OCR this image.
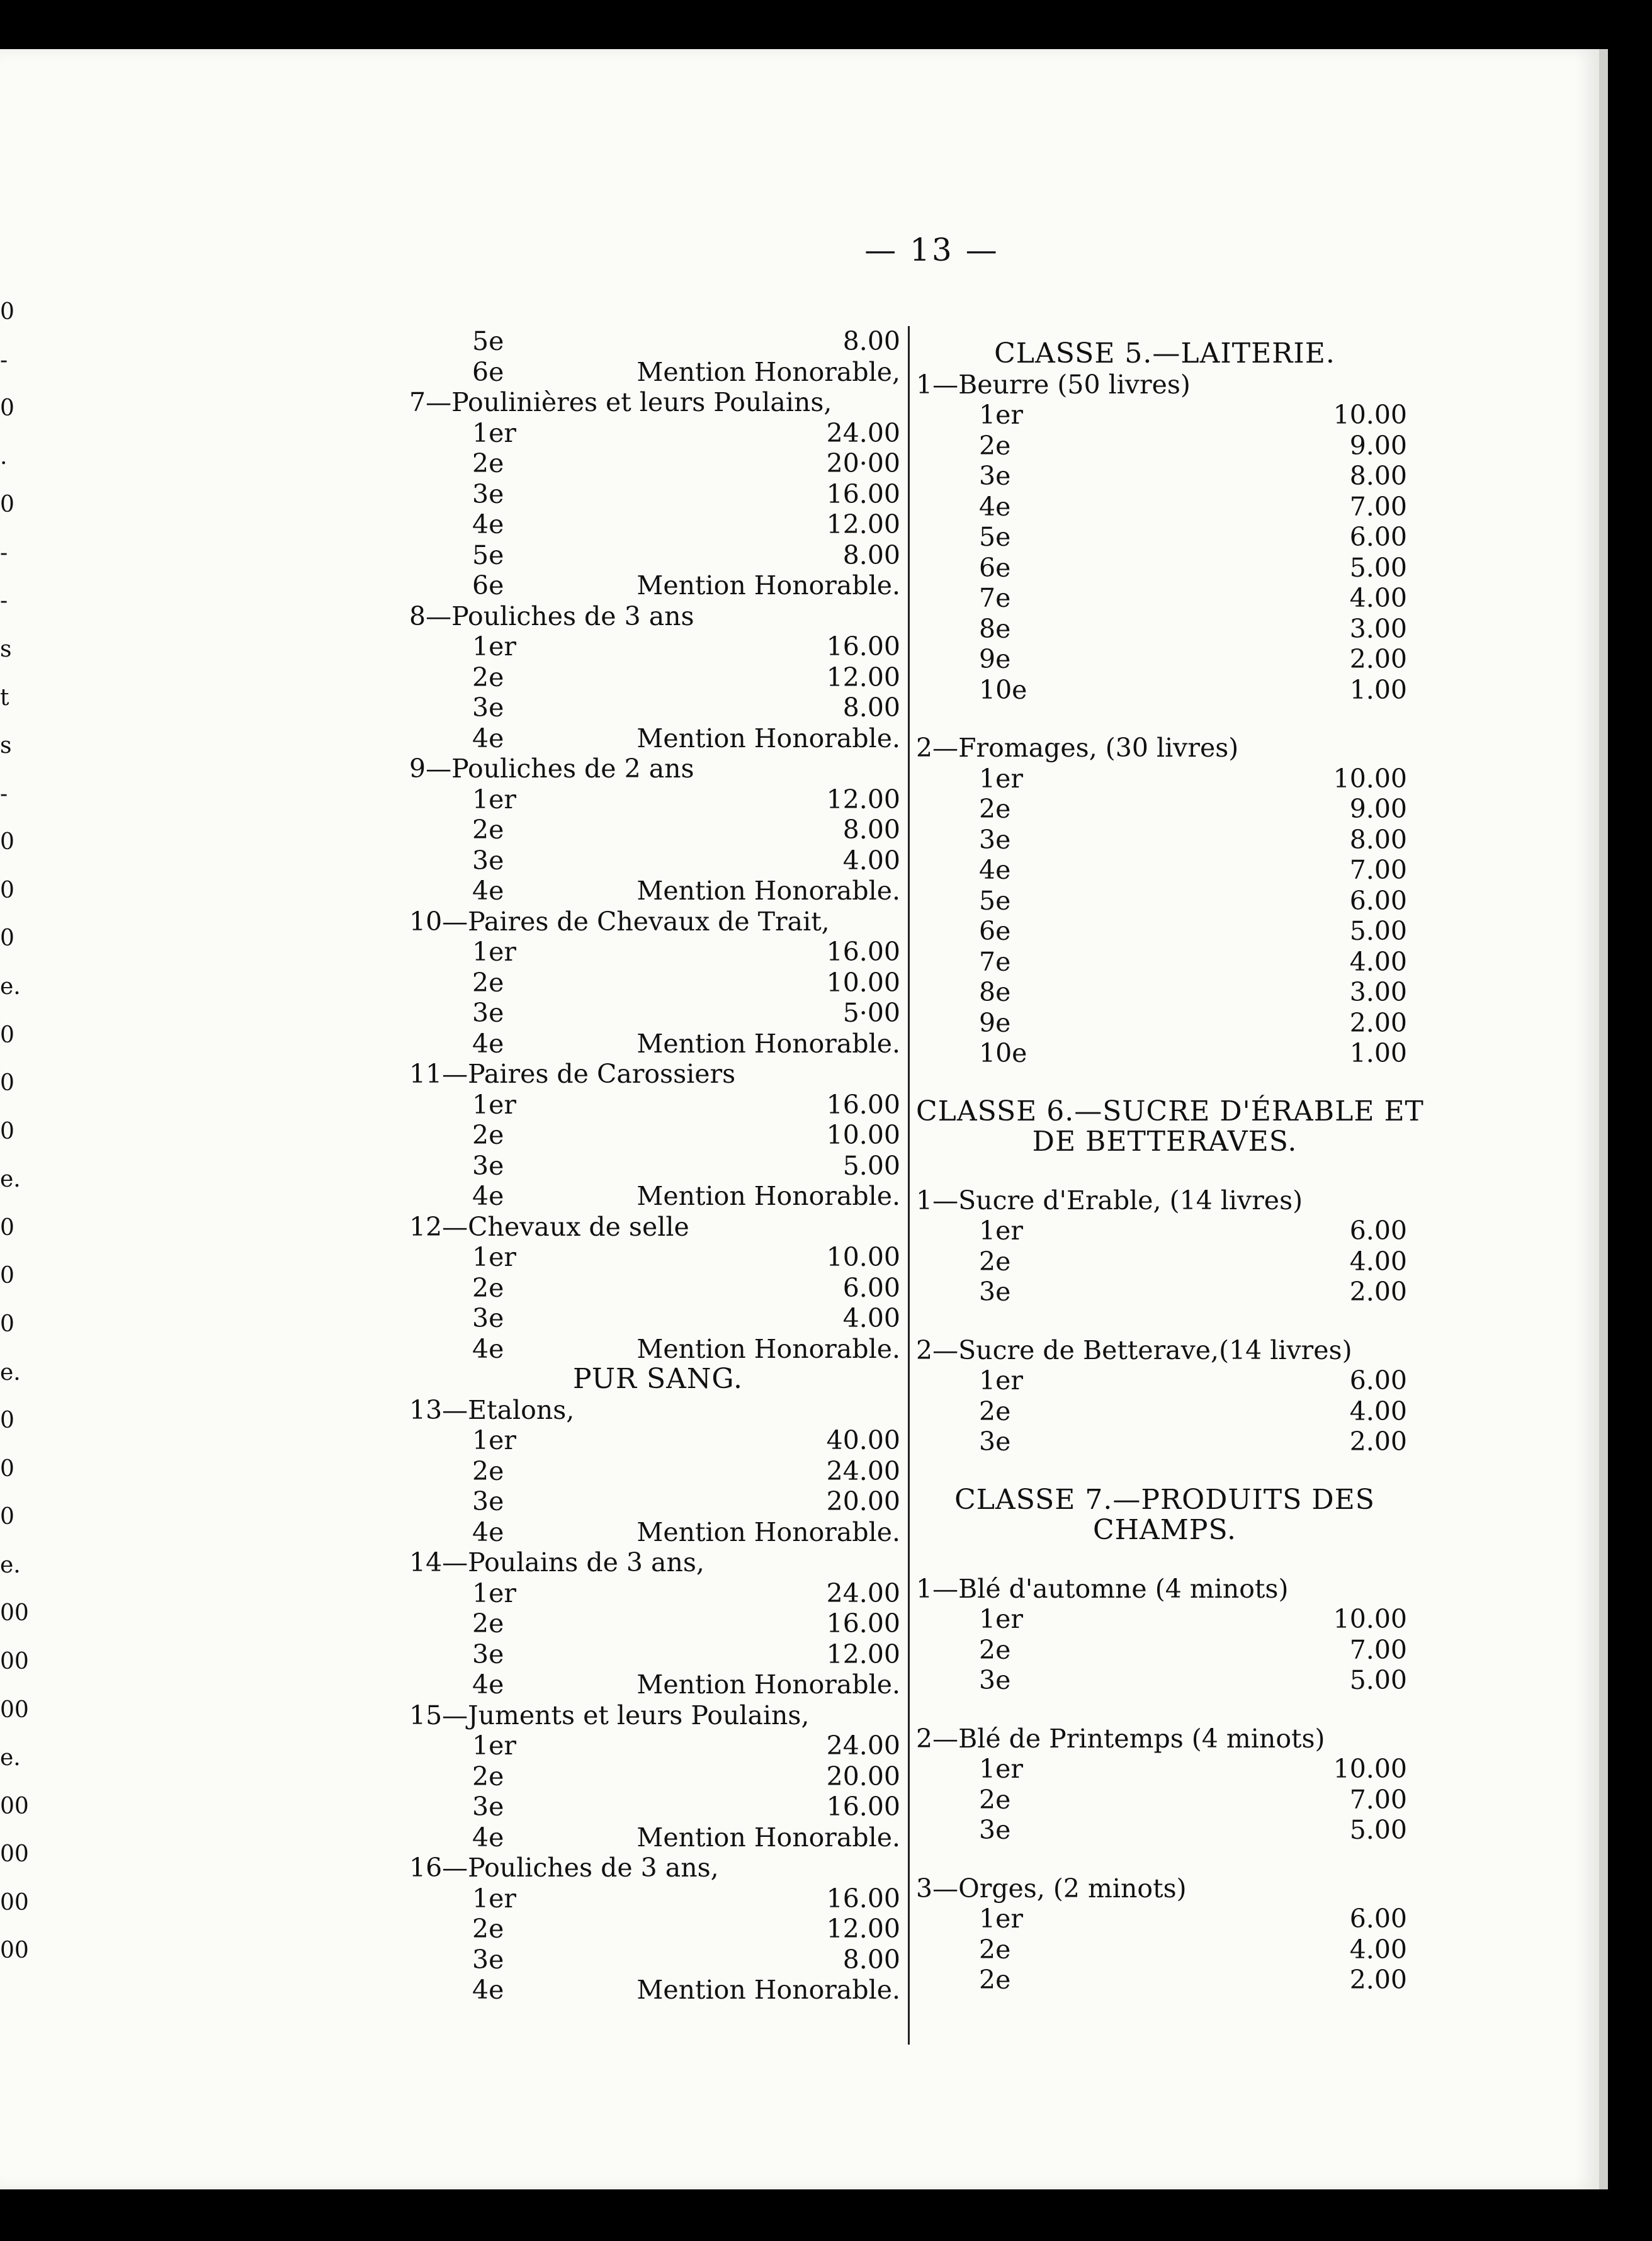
0
-
0
.
0
-
-
s
t
s
-
0
0
0
e.
0
0
0
e.
0
0
0
e.
0
0
0
e.
00
00
00
e.
00
00
00
00
— 13 —
5e	8.00
6e	Mention Honorable,
7—Poulinières et leurs Poulains,
1er	24.00
2e	20·00
3e	16.00
4e	12.00
5e	8.00
6e	Mention Honorable.
8—Pouliches de 3 ans
1er	16.00
2e	12.00
3e	8.00
4e	Mention Honorable.
9—Pouliches de 2 ans
1er	12.00
2e	8.00
3e	4.00
4e	Mention Honorable.
10—Paires de Chevaux de Trait,
1er	16.00
2e	10.00
3e	5·00
4e	Mention Honorable.
11—Paires de Carossiers
1er	16.00
2e	10.00
3e	5.00
4e	Mention Honorable.
12—Chevaux de selle
1er	10.00
2e	6.00
3e	4.00
4e	Mention Honorable.
PUR SANG.
13—Etalons,
1er	40.00
2e	24.00
3e	20.00
4e	Mention Honorable.
14—Poulains de 3 ans,
1er	24.00
2e	16.00
3e	12.00
4e	Mention Honorable.
15—Juments et leurs Poulains,
1er	24.00
2e	20.00
3e	16.00
4e	Mention Honorable.
16—Pouliches de 3 ans,
1er	16.00
2e	12.00
3e	8.00
4e	Mention Honorable.
CLASSE 5.—LAITERIE.
1—Beurre (50 livres)
1er	10.00
2e	9.00
3e	8.00
4e	7.00
5e	6.00
6e	5.00
7e	4.00
8e	3.00
9e	2.00
10e	1.00
2—Fromages, (30 livres)
1er	10.00
2e	9.00
3e	8.00
4e	7.00
5e	6.00
6e	5.00
7e	4.00
8e	3.00
9e	2.00
10e	1.00
CLASSE 6.—SUCRE D'ÉRABLE ET
DE BETTERAVES.
1—Sucre d'Erable, (14 livres)
1er	6.00
2e	4.00
3e	2.00
2—Sucre de Betterave,(14 livres)
1er	6.00
2e	4.00
3e	2.00
CLASSE 7.—PRODUITS DES
CHAMPS.
1—Blé d'automne (4 minots)
1er	10.00
2e	7.00
3e	5.00
2—Blé de Printemps (4 minots)
1er	10.00
2e	7.00
3e	5.00
3—Orges, (2 minots)
1er	6.00
2e	4.00
2e	2.00
